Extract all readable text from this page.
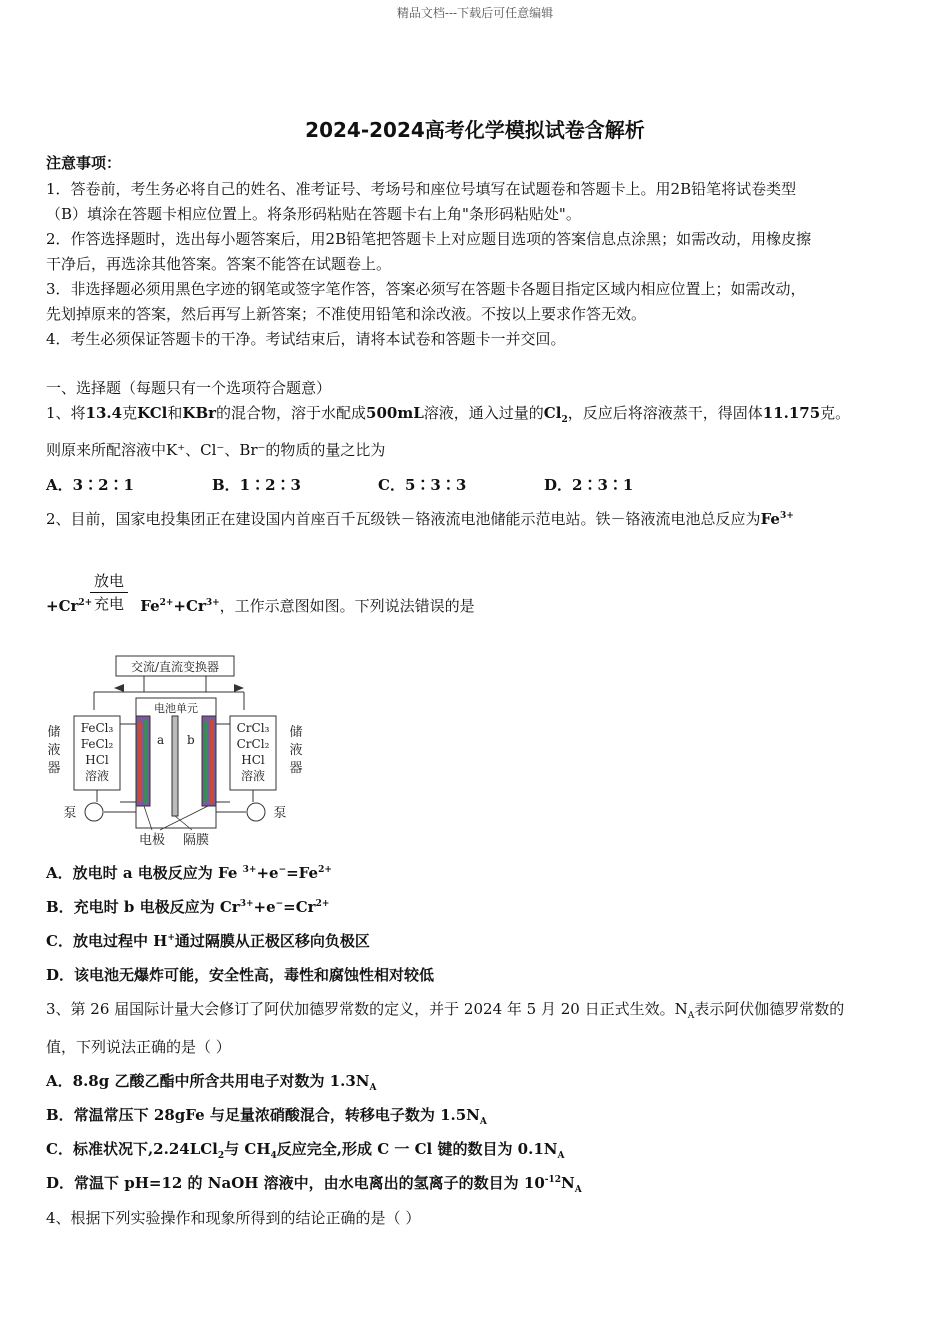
精品文档---下载后可任意编辑
2024-2024高考化学模拟试卷含解析
注意事项：
1．答卷前，考生务必将自己的姓名、准考证号、考场号和座位号填写在试题卷和答题卡上。用2B铅笔将试卷类型
（B）填涂在答题卡相应位置上。将条形码粘贴在答题卡右上角"条形码粘贴处"。
2．作答选择题时，选出每小题答案后，用2B铅笔把答题卡上对应题目选项的答案信息点涂黑；如需改动，用橡皮擦
干净后，再选涂其他答案。答案不能答在试题卷上。
3．非选择题必须用黑色字迹的钢笔或签字笔作答，答案必须写在答题卡各题目指定区域内相应位置上；如需改动，
先划掉原来的答案，然后再写上新答案；不准使用铅笔和涂改液。不按以上要求作答无效。
4．考生必须保证答题卡的干净。考试结束后，请将本试卷和答题卡一并交回。
一、选择题（每题只有一个选项符合题意）
1、将13.4克KCl和KBr的混合物，溶于水配成500mL溶液，通入过量的$Cl_2$，反应后将溶液蒸干，得固体11.175克。
则原来所配溶液中K⁺、Cl⁻、Br⁻的物质的量之比为
A．3∶2∶1	B．1∶2∶3	C．5∶3∶3	D．2∶3∶1
2、目前，国家电投集团正在建设国内首座百千瓦级铁－铬液流电池储能示范电站。铁－铬液流电池总反应为$Fe^{3+}$
放电
充电
$+Cr^{2+}$	$Fe^{2+}+Cr^{3+}$，工作示意图如图。下列说法错误的是
交流/直流变换器
电池单元
a b
FeCl₃
FeCl₂
HCl
溶液
CrCl₃
CrCl₂
HCl
溶液
储
液
器
储
液
器
泵	泵
电极 隔膜
A．放电时 a 电极反应为 Fe $^{3+}+e^-=Fe^{2+}$
B．充电时 b 电极反应为 $Cr^{3+}+e^-=Cr^{2+}$
C．放电过程中 H+通过隔膜从正极区移向负极区
D．该电池无爆炸可能，安全性高，毒性和腐蚀性相对较低
3、第 26 届国际计量大会修订了阿伏加德罗常数的定义，并于 2024 年 5 月 20 日正式生效。$N_A$表示阿伏伽德罗常数的
值，下列说法正确的是（ ）
A．8.8g 乙酸乙酯中所含共用电子对数为 $1.3N_A$
B．常温常压下 28gFe 与足量浓硝酸混合，转移电子数为 $1.5N_A$
C．标准状况下,2.24LCl$_2$与 $CH_4$反应完全,形成 C 一 Cl 键的数目为 $0.1N_A$
D．常温下 pH=12 的 NaOH 溶液中，由水电离出的氢离子的数目为 $10^{-12}N_A$
4、根据下列实验操作和现象所得到的结论正确的是（ ）
